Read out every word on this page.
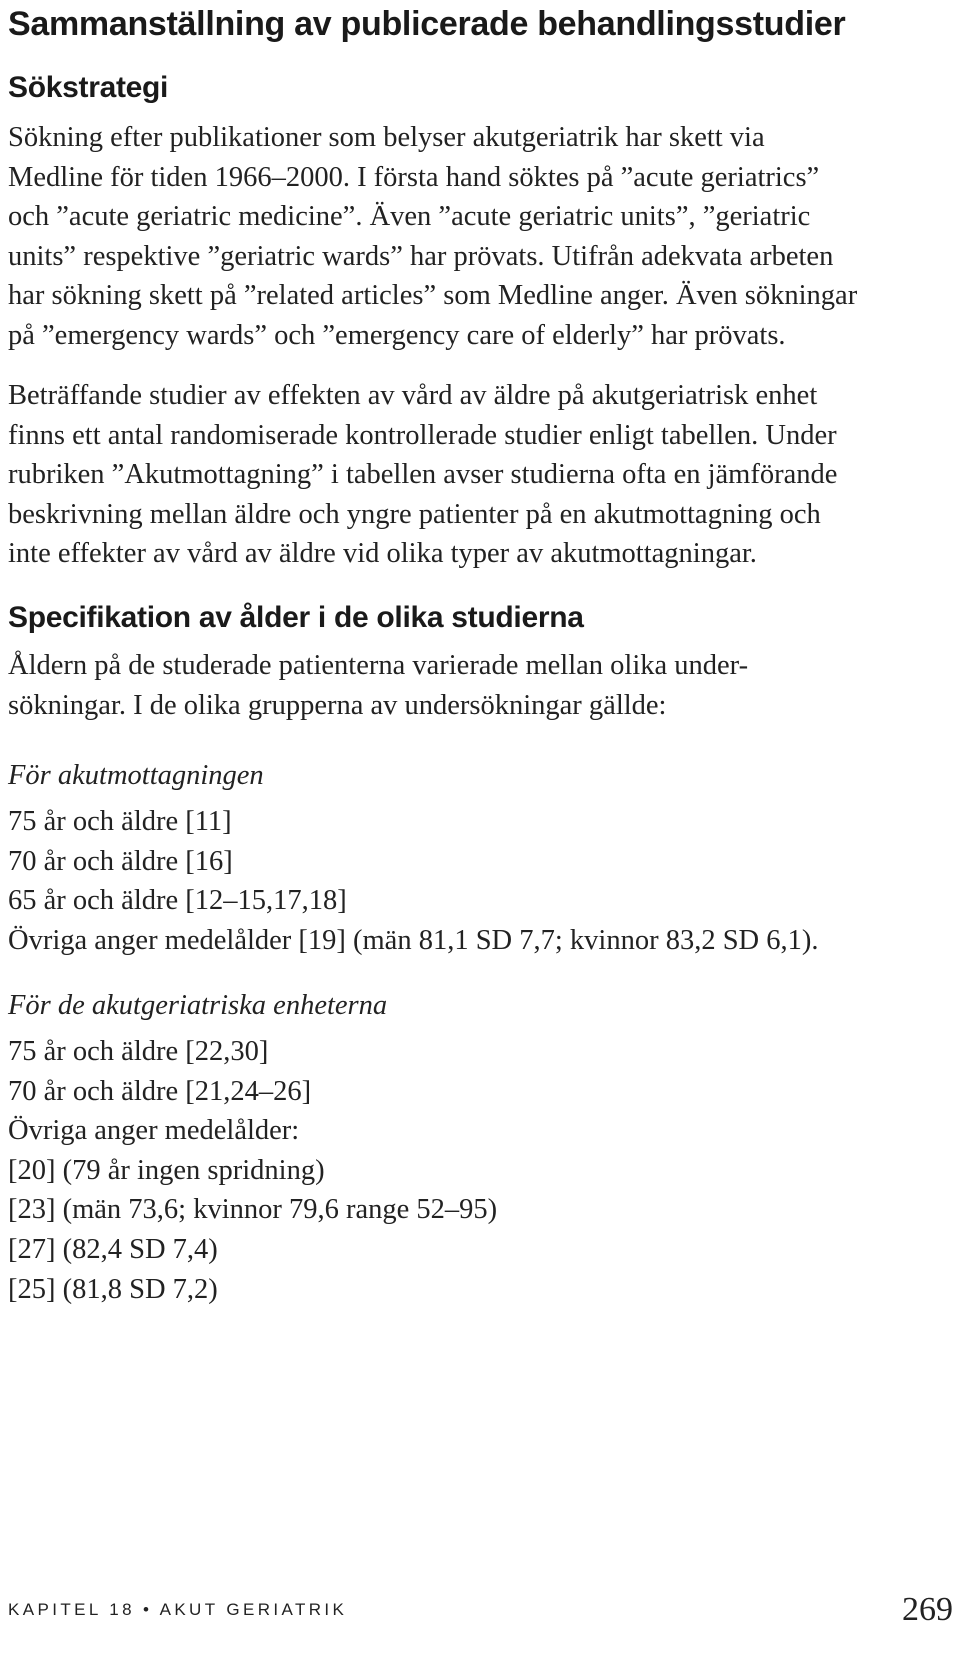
Sammanställning av publicerade behandlingsstudier
Sökstrategi

Sökning efter publikationer som belyser akutgeriatrik har skett via
Medline för tiden 1966–2000. I första hand söktes på ”acute geriatrics”
och ”acute geriatric medicine”. Även ”acute geriatric units”, ”geriatric
units” respektive ”geriatric wards” har prövats. Utifrån adekvata arbeten
har sökning skett på ”related articles” som Medline anger. Även sökningar
på ”emergency wards” och ”emergency care of elderly” har prövats.

Beträffande studier av effekten av vård av äldre på akutgeriatrisk enhet
finns ett antal randomiserade kontrollerade studier enligt tabellen. Under
rubriken ”Akutmottagning” i tabellen avser studierna ofta en jämförande
beskrivning mellan äldre och yngre patienter på en akutmottagning och
inte effekter av vård av äldre vid olika typer av akutmottagningar.

Specifikation av ålder i de olika studierna

Åldern på de studerade patienterna varierade mellan olika under-
sökningar. I de olika grupperna av undersökningar gällde:

För akutmottagningen

75 år och äldre [11]
70 år och äldre [16]
65 år och äldre [12–15,17,18]
Övriga anger medelålder [19] (män 81,1 SD 7,7; kvinnor 83,2 SD 6,1).

För de akutgeriatriska enheterna

75 år och äldre [22,30]
70 år och äldre [21,24–26]
Övriga anger medelålder:
[20] (79 år ingen spridning)
[23] (män 73,6; kvinnor 79,6 range 52–95)
[27] (82,4 SD 7,4)
[25] (81,8 SD 7,2)
KAPITEL 18 • AKUT GERIATRIK	269
